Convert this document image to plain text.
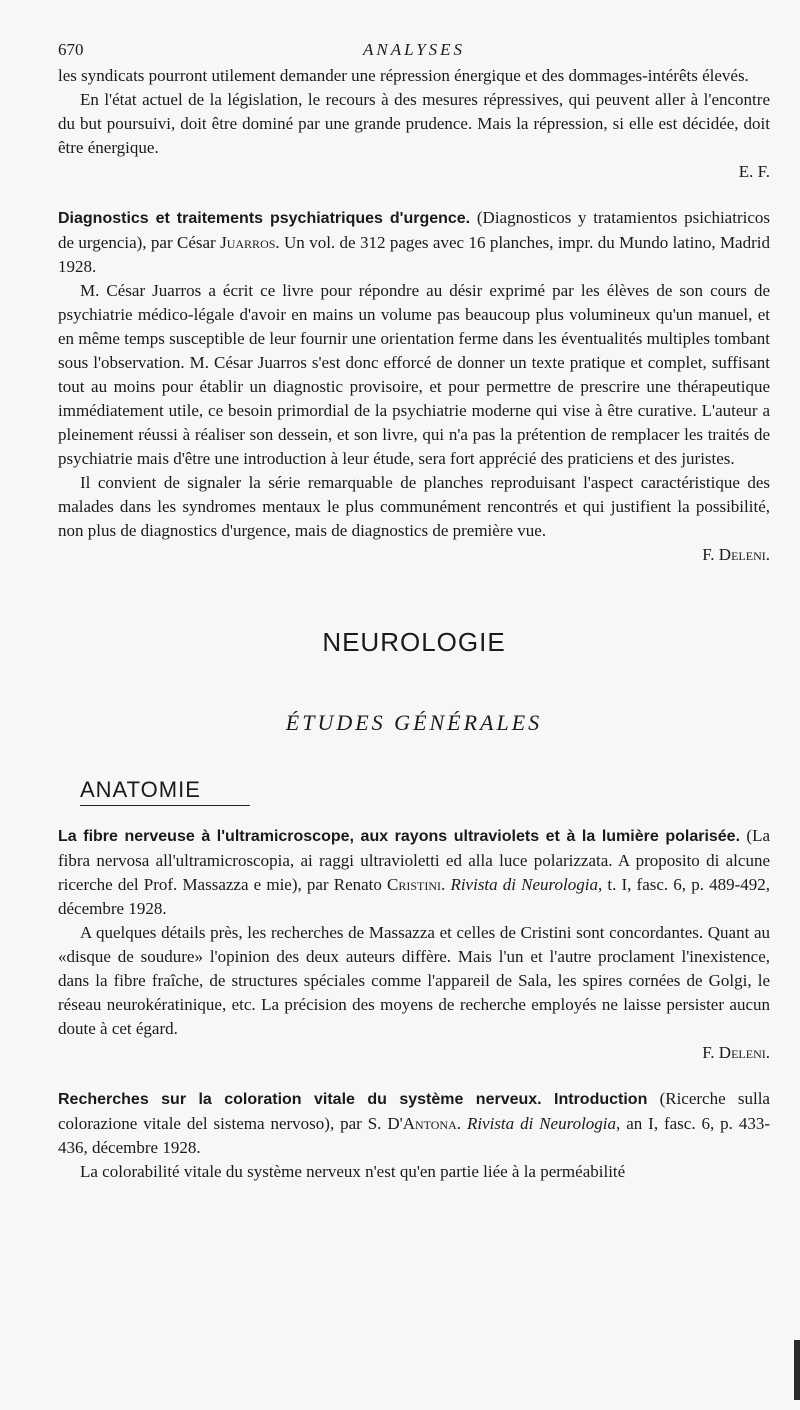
670	ANALYSES

les syndicats pourront utilement demander une répression énergique et des dommages-intérêts élevés.

En l'état actuel de la législation, le recours à des mesures répressives, qui peuvent aller à l'encontre du but poursuivi, doit être dominé par une grande prudence. Mais la répression, si elle est décidée, doit être énergique.

E. F.

Diagnostics et traitements psychiatriques d'urgence. (Diagnosticos y tratamientos psichiatricos de urgencia), par César Juarros. Un vol. de 312 pages avec 16 planches, impr. du Mundo latino, Madrid 1928.

M. César Juarros a écrit ce livre pour répondre au désir exprimé par les élèves de son cours de psychiatrie médico-légale d'avoir en mains un volume pas beaucoup plus volumineux qu'un manuel, et en même temps susceptible de leur fournir une orientation ferme dans les éventualités multiples tombant sous l'observation. M. César Juarros s'est donc efforcé de donner un texte pratique et complet, suffisant tout au moins pour établir un diagnostic provisoire, et pour permettre de prescrire une thérapeutique immédiatement utile, ce besoin primordial de la psychiatrie moderne qui vise à être curative. L'auteur a pleinement réussi à réaliser son dessein, et son livre, qui n'a pas la prétention de remplacer les traités de psychiatrie mais d'être une introduction à leur étude, sera fort apprécié des praticiens et des juristes.

Il convient de signaler la série remarquable de planches reproduisant l'aspect caractéristique des malades dans les syndromes mentaux le plus communément rencontrés et qui justifient la possibilité, non plus de diagnostics d'urgence, mais de diagnostics de première vue.

F. Deleni.

NEUROLOGIE
ÉTUDES GÉNÉRALES
ANATOMIE

La fibre nerveuse à l'ultramicroscope, aux rayons ultraviolets et à la lumière polarisée. (La fibra nervosa all'ultramicroscopia, ai raggi ultravioletti ed alla luce polarizzata. A proposito di alcune ricerche del Prof. Massazza e mie), par Renato Cristini. Rivista di Neurologia, t. I, fasc. 6, p. 489-492, décembre 1928.

A quelques détails près, les recherches de Massazza et celles de Cristini sont concordantes. Quant au «disque de soudure» l'opinion des deux auteurs diffère. Mais l'un et l'autre proclament l'inexistence, dans la fibre fraîche, de structures spéciales comme l'appareil de Sala, les spires cornées de Golgi, le réseau neurokératinique, etc. La précision des moyens de recherche employés ne laisse persister aucun doute à cet égard.

F. Deleni.

Recherches sur la coloration vitale du système nerveux. Introduction (Ricerche sulla colorazione vitale del sistema nervoso), par S. D'Antona. Rivista di Neurologia, an I, fasc. 6, p. 433-436, décembre 1928.

La colorabilité vitale du système nerveux n'est qu'en partie liée à la perméabilité
